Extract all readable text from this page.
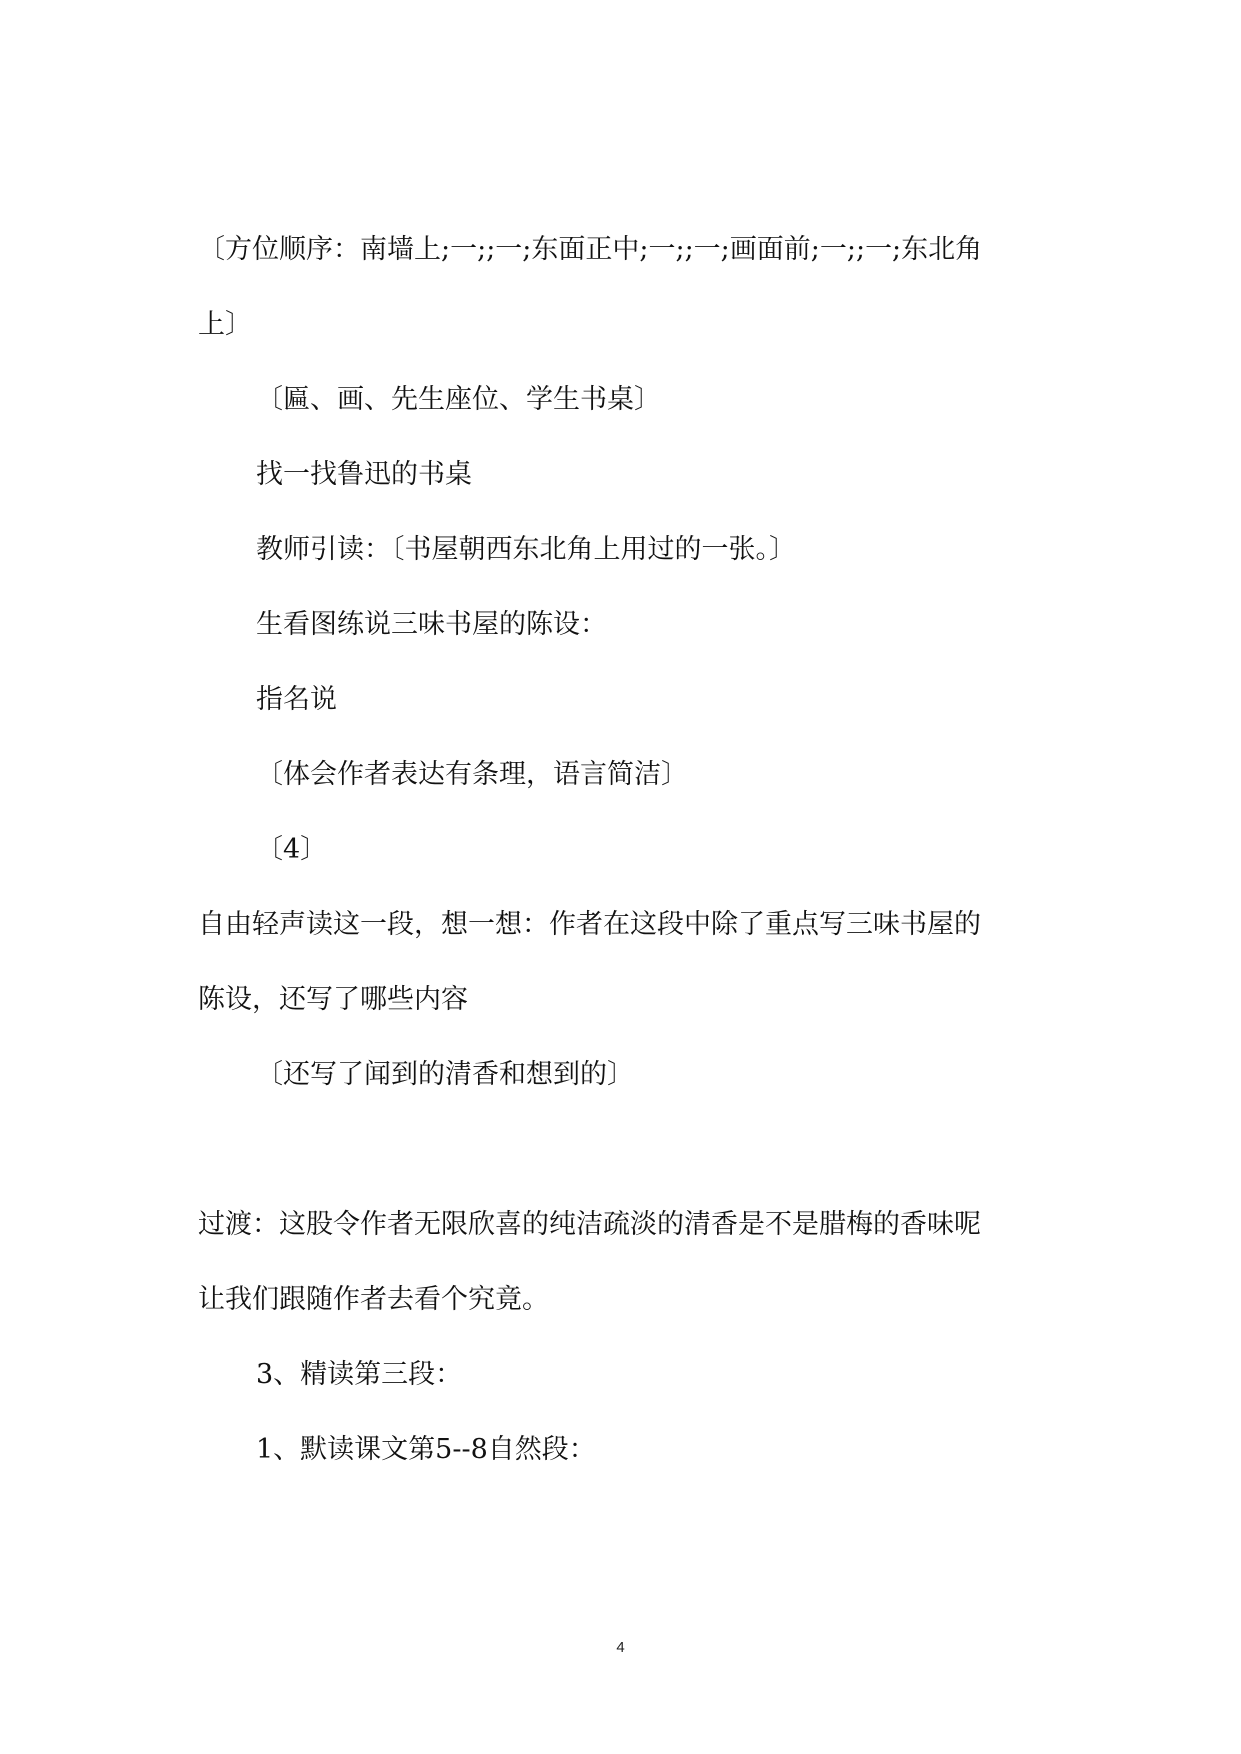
〔方位顺序：南墙上;一;;一;东面正中;一;;一;画面前;一;;一;东北角
上〕
〔匾、画、先生座位、学生书桌〕
找一找鲁迅的书桌
教师引读：〔书屋朝西东北角上用过的一张。〕
生看图练说三味书屋的陈设：
指名说
〔体会作者表达有条理，语言简洁〕
〔4〕
自由轻声读这一段，想一想：作者在这段中除了重点写三味书屋的
陈设，还写了哪些内容
〔还写了闻到的清香和想到的〕
过渡：这股令作者无限欣喜的纯洁疏淡的清香是不是腊梅的香味呢
让我们跟随作者去看个究竟。
3、精读第三段：
1、默读课文第5--8自然段：
4
